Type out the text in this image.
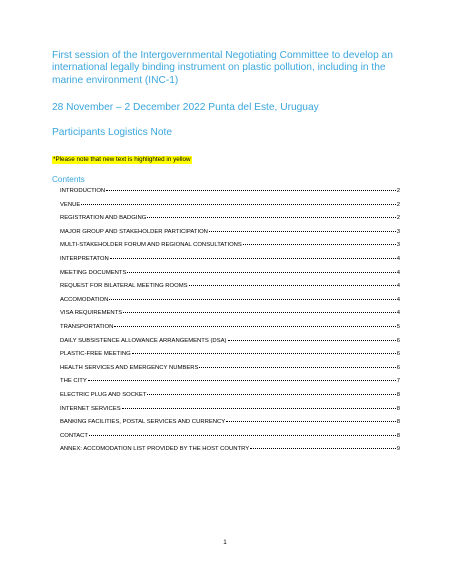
First session of the Intergovernmental Negotiating Committee to develop an international legally binding instrument on plastic pollution, including in the marine environment (INC-1)
28 November – 2 December 2022 Punta del Este, Uruguay
Participants Logistics Note
*Please note that new text is highlighted in yellow
Contents
INTRODUCTION	2
VENUE	2
REGISTRATION AND BADGING	2
MAJOR GROUP AND STAKEHOLDER PARTICIPATION	3
MULTI-STAKEHOLDER FORUM AND REGIONAL CONSULTATIONS	3
INTERPRETATON	4
MEETING DOCUMENTS	4
REQUEST FOR BILATERAL MEETING ROOMS	4
ACCOMODATION	4
VISA REQUIREMENTS	4
TRANSPORTATION	5
DAILY SUBSISTENCE ALLOWANCE ARRANGEMENTS (DSA)	6
PLASTIC-FREE MEETING	6
HEALTH SERVICES AND EMERGENCY NUMBERS	6
THE CITY	7
ELECTRIC PLUG AND SOCKET	8
INTERNET SERVICES	8
BANKING FACILITIES, POSTAL SERVICES AND CURRENCY	8
CONTACT	8
ANNEX: ACCOMODATION LIST PROVIDED BY THE HOST COUNTRY	9
1
